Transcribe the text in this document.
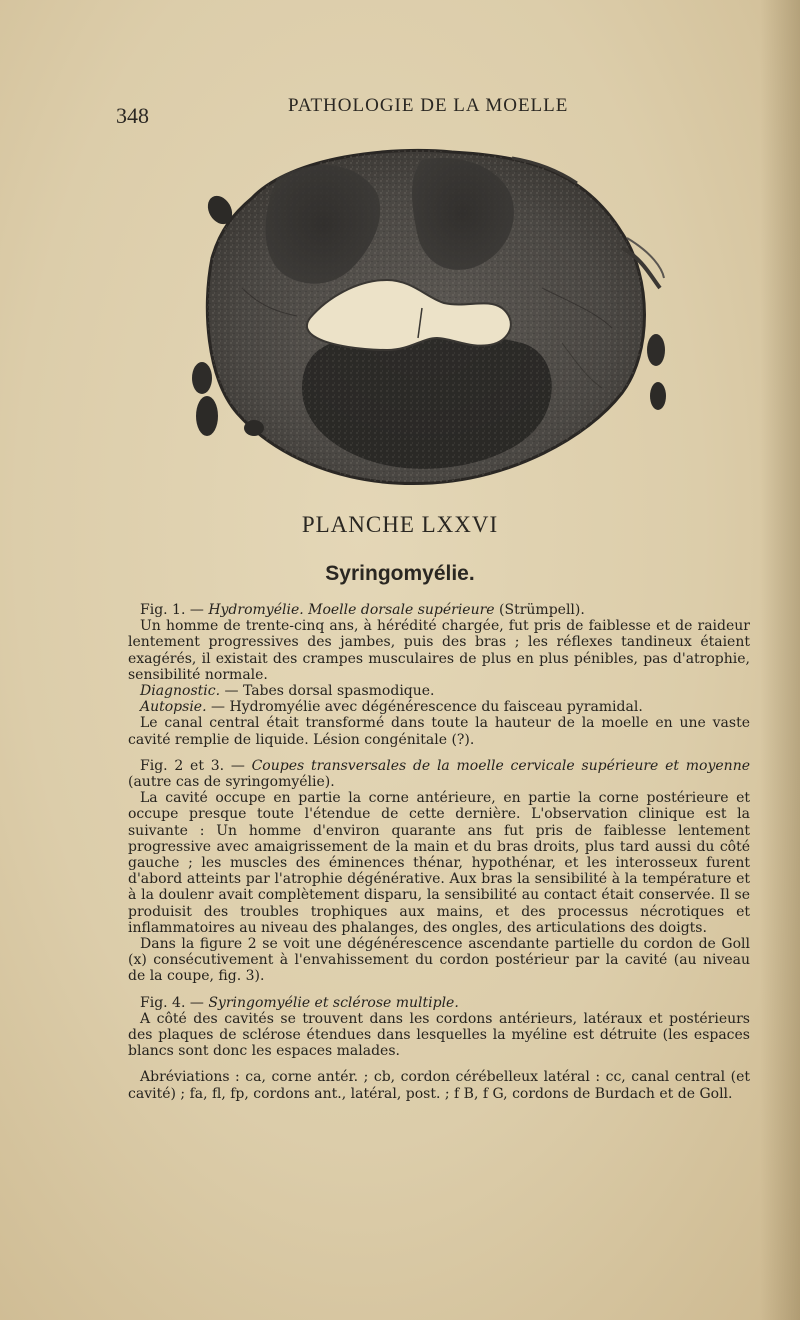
348	PATHOLOGIE DE LA MOELLE
PLANCHE LXXVI
Syringomyélie.

Fig. 1. — Hydromyélie. Moelle dorsale supérieure (Strümpell).

Un homme de trente-cinq ans, à hérédité chargée, fut pris de faiblesse et de raideur lentement progressives des jambes, puis des bras ; les réflexes tandineux étaient exagérés, il existait des crampes musculaires de plus en plus pénibles, pas d'atrophie, sensibilité normale.

Diagnostic. — Tabes dorsal spasmodique.

Autopsie. — Hydromyélie avec dégénérescence du faisceau pyramidal.

Le canal central était transformé dans toute la hauteur de la moelle en une vaste cavité remplie de liquide. Lésion congénitale (?).

Fig. 2 et 3. — Coupes transversales de la moelle cervicale supérieure et moyenne (autre cas de syringomyélie).

La cavité occupe en partie la corne antérieure, en partie la corne postérieure et occupe presque toute l'étendue de cette dernière. L'observation clinique est la suivante : Un homme d'environ quarante ans fut pris de faiblesse lentement progressive avec amaigrissement de la main et du bras droits, plus tard aussi du côté gauche ; les muscles des éminences thénar, hypothénar, et les interosseux furent d'abord atteints par l'atrophie dégénérative. Aux bras la sensibilité à la température et à la doulenr avait complètement disparu, la sensibilité au contact était conservée. Il se produisit des troubles trophiques aux mains, et des processus nécrotiques et inflammatoires au niveau des phalanges, des ongles, des articulations des doigts.

Dans la figure 2 se voit une dégénérescence ascendante partielle du cordon de Goll (x) consécutivement à l'envahissement du cordon postérieur par la cavité (au niveau de la coupe, fig. 3).

Fig. 4. — Syringomyélie et sclérose multiple.

A côté des cavités se trouvent dans les cordons antérieurs, latéraux et postérieurs des plaques de sclérose étendues dans lesquelles la myéline est détruite (les espaces blancs sont donc les espaces malades.

Abréviations : ca, corne antér. ; cb, cordon cérébelleux latéral : cc, canal central (et cavité) ; fa, fl, fp, cordons ant., latéral, post. ; f B, f G, cordons de Burdach et de Goll.
